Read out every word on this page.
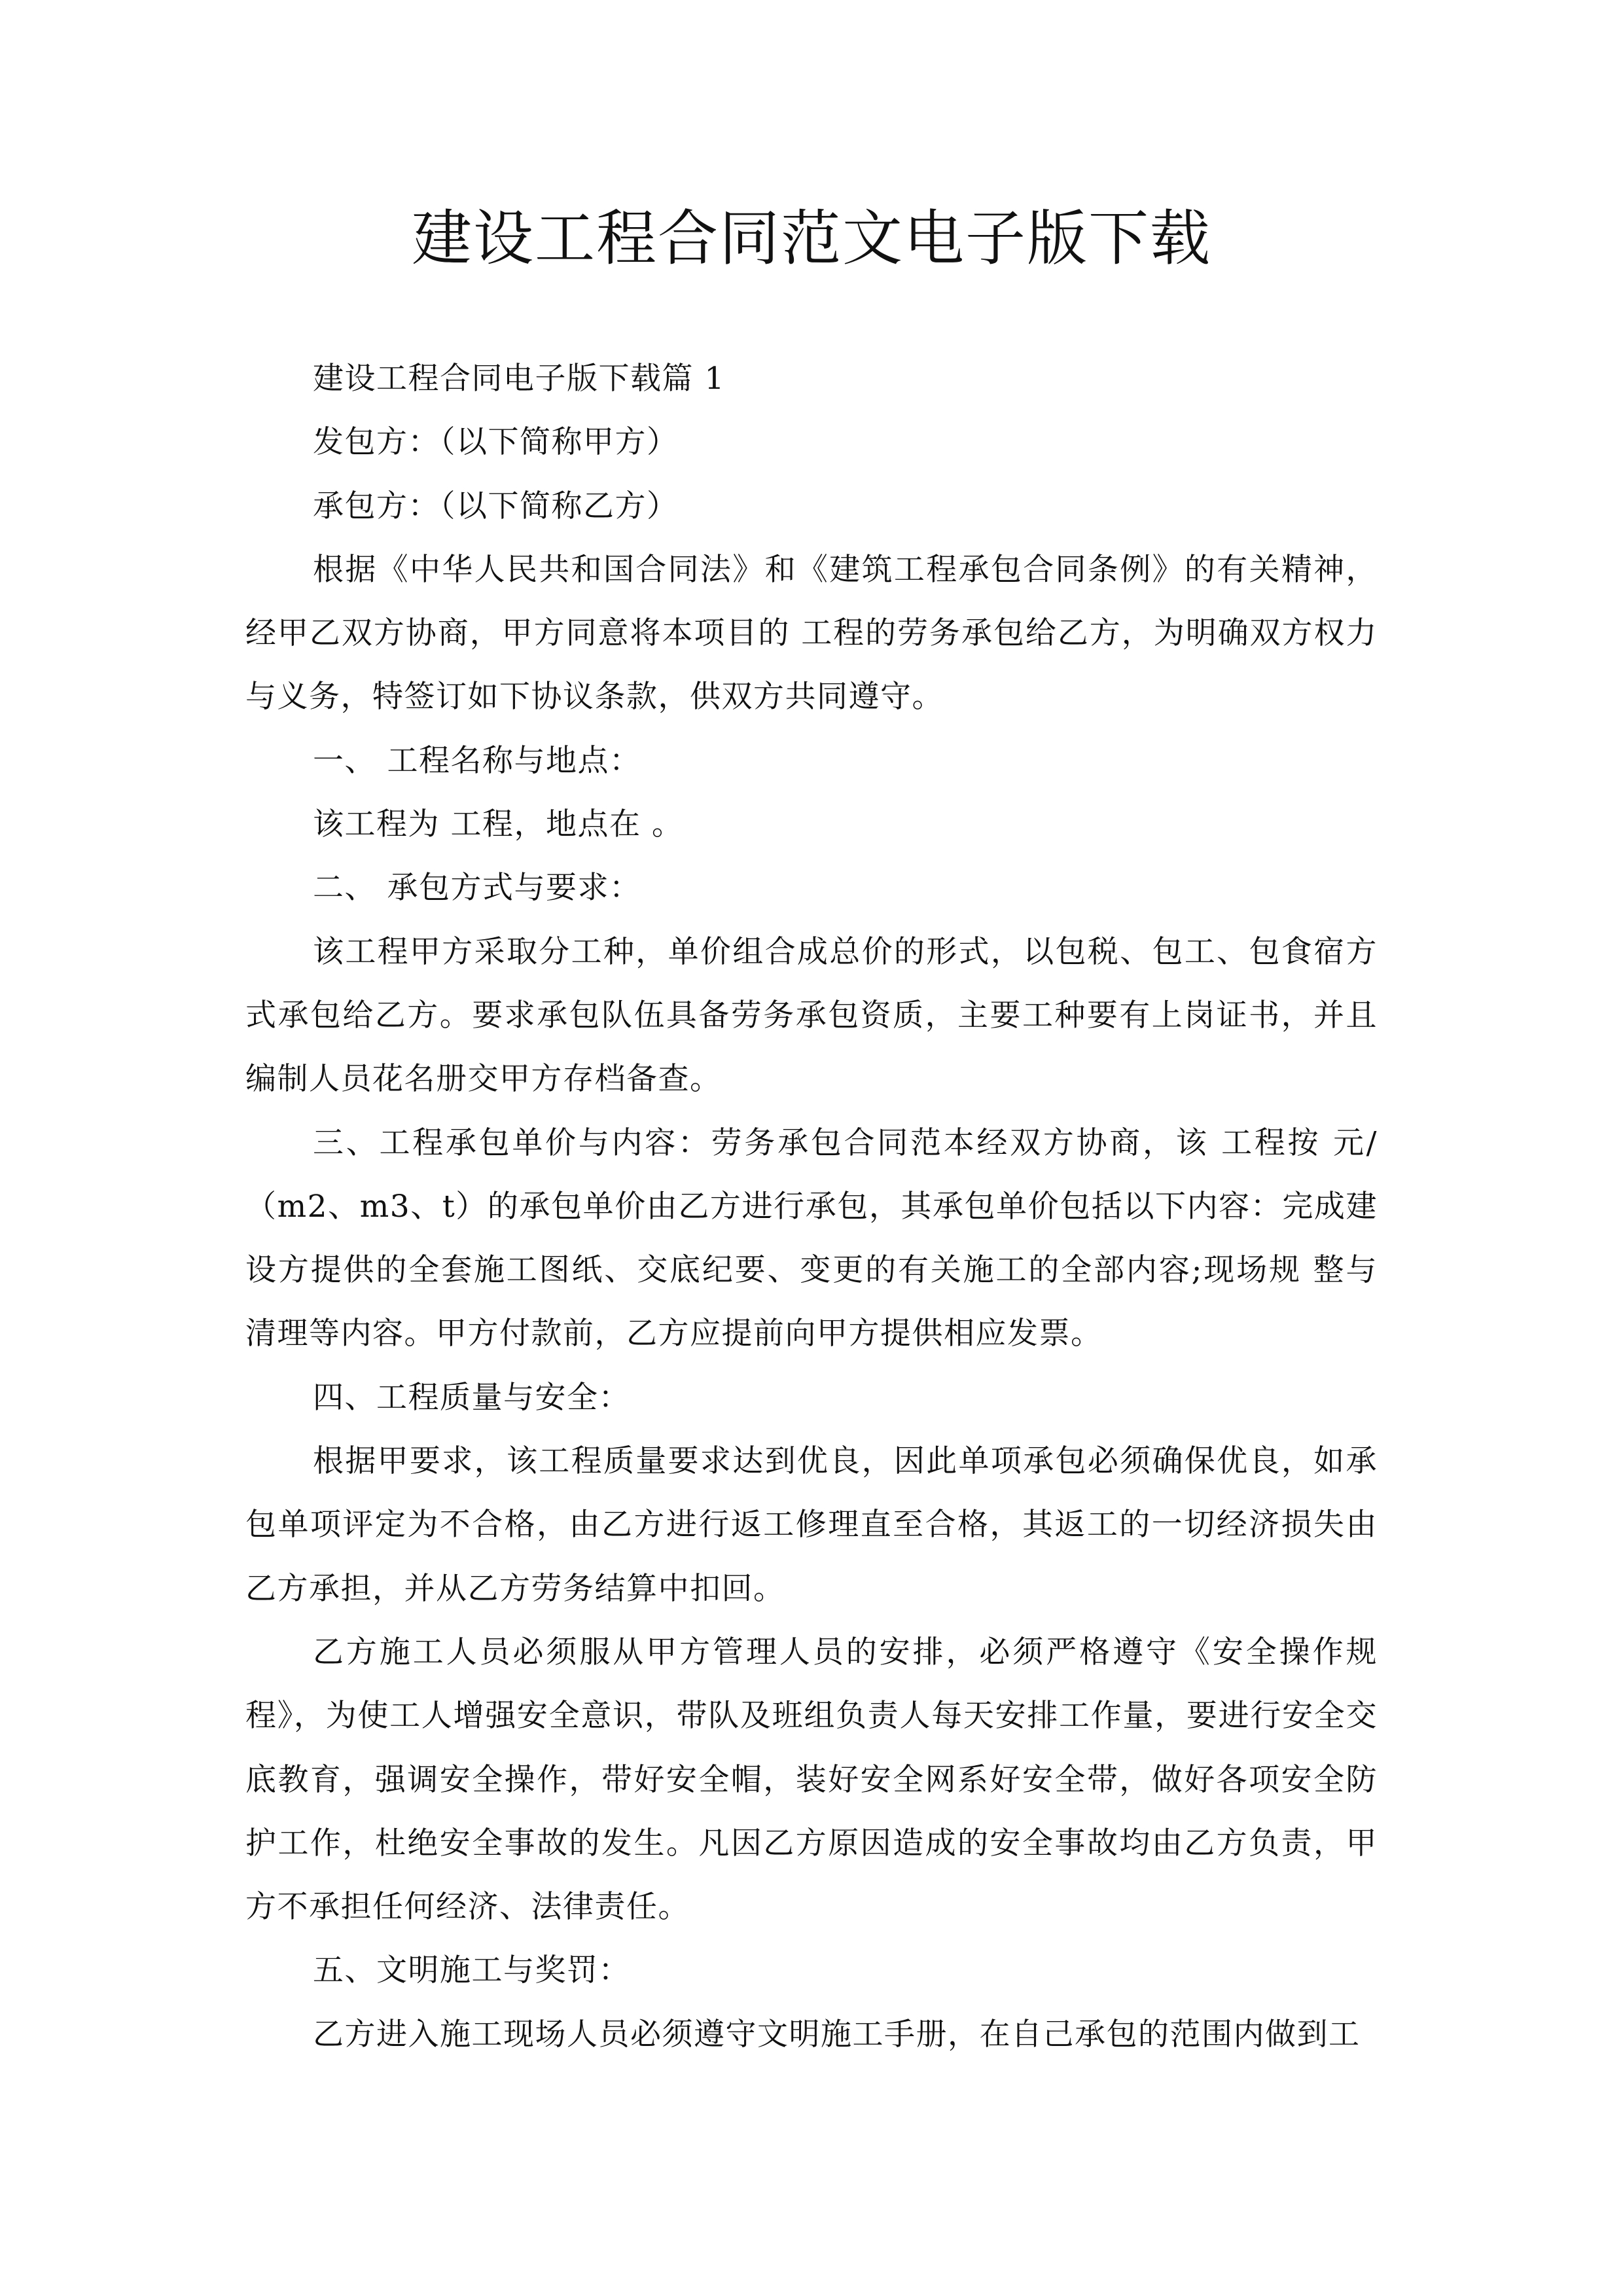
建设工程合同范文电子版下载

建设工程合同电子版下载篇 1

发包方：（以下简称甲方）

承包方：（以下简称乙方）

根据《中华人民共和国合同法》和《建筑工程承包合同条例》的有关精神，经甲乙双方协商，甲方同意将本项目的 工程的劳务承包给乙方，为明确双方权力与义务，特签订如下协议条款，供双方共同遵守。

一、 工程名称与地点：

该工程为 工程，地点在 。

二、 承包方式与要求：

该工程甲方采取分工种，单价组合成总价的形式，以包税、包工、包食宿方式承包给乙方。要求承包队伍具备劳务承包资质，主要工种要有上岗证书，并且编制人员花名册交甲方存档备查。

三、工程承包单价与内容：劳务承包合同范本经双方协商，该 工程按 元/（m2、m3、t）的承包单价由乙方进行承包，其承包单价包括以下内容：完成建设方提供的全套施工图纸、交底纪要、变更的有关施工的全部内容;现场规 整与清理等内容。甲方付款前，乙方应提前向甲方提供相应发票。

四、工程质量与安全：

根据甲要求，该工程质量要求达到优良，因此单项承包必须确保优良，如承包单项评定为不合格，由乙方进行返工修理直至合格，其返工的一切经济损失由乙方承担，并从乙方劳务结算中扣回。

乙方施工人员必须服从甲方管理人员的安排，必须严格遵守《安全操作规程》，为使工人增强安全意识，带队及班组负责人每天安排工作量，要进行安全交底教育，强调安全操作，带好安全帽，装好安全网系好安全带，做好各项安全防护工作，杜绝安全事故的发生。凡因乙方原因造成的安全事故均由乙方负责，甲方不承担任何经济、法律责任。

五、文明施工与奖罚：

乙方进入施工现场人员必须遵守文明施工手册，在自己承包的范围内做到工
